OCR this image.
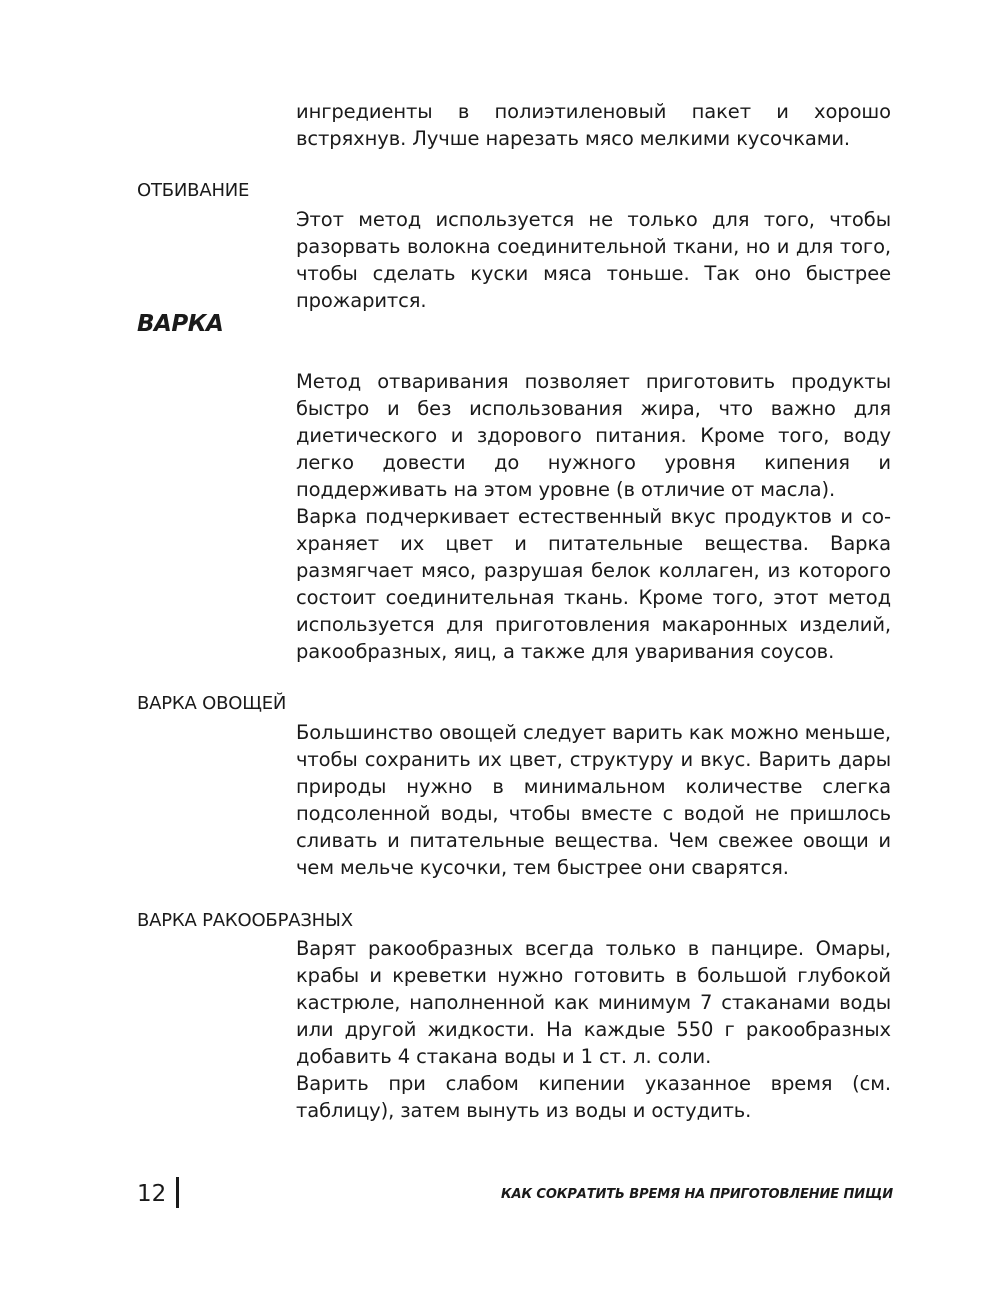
ингредиенты в полиэтиленовый пакет и хорошо встряхнув. Лучше нарезать мясо мелкими кусочками.

ОТБИВАНИЕ

Этот метод используется не только для того, чтобы разорвать волокна соединительной ткани, но и для того, чтобы сделать куски мяса тоньше. Так оно быстрее прожарится.

ВАРКА

Метод отваривания позволяет приготовить продукты быстро и без использования жира, что важно для диетического и здорового питания. Кроме того, воду легко довести до нужного уровня кипения и поддерживать на этом уровне (в отличие от масла).

Варка подчеркивает естественный вкус продуктов и сохраняет их цвет и питательные вещества. Варка размягчает мясо, разрушая белок коллаген, из которого состоит соединительная ткань. Кроме того, этот метод используется для приготовления макаронных изделий, ракообразных, яиц, а также для уваривания соусов.

ВАРКА ОВОЩЕЙ

Большинство овощей следует варить как можно меньше, чтобы сохранить их цвет, структуру и вкус. Варить дары природы нужно в минимальном количестве слегка подсоленной воды, чтобы вместе с водой не пришлось сливать и питательные вещества. Чем свежее овощи и чем мельче кусочки, тем быстрее они сварятся.

ВАРКА РАКООБРАЗНЫХ

Варят ракообразных всегда только в панцире. Омары, крабы и креветки нужно готовить в большой глубокой кастрюле, наполненной как минимум 7 стаканами воды или другой жидкости. На каждые 550 г ракообразных добавить 4 стакана воды и 1 ст. л. соли.

Варить при слабом кипении указанное время (см. таблицу), затем вынуть из воды и остудить.

12	КАК СОКРАТИТЬ ВРЕМЯ НА ПРИГОТОВЛЕНИЕ ПИЩИ
